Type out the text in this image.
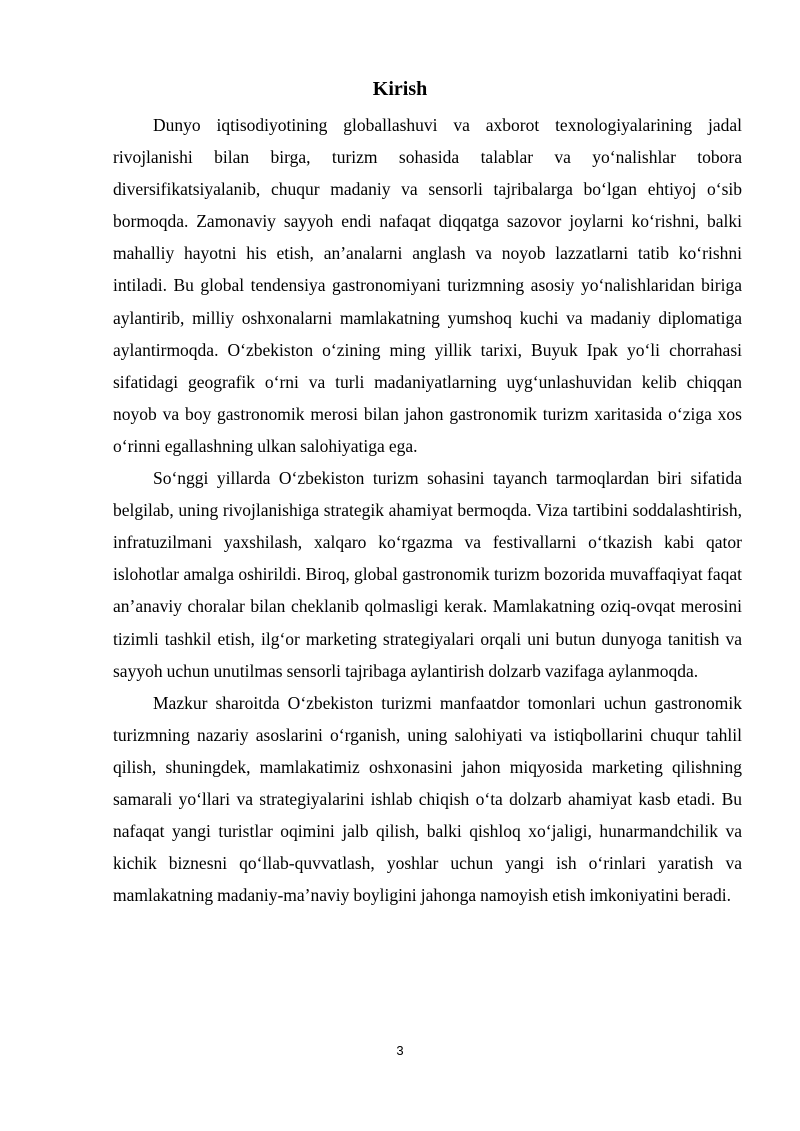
Kirish

Dunyo iqtisodiyotining globallashuvi va axborot texnologiyalarining jadal rivojlanishi bilan birga, turizm sohasida talablar va yoʻnalishlar tobora diversifikatsiyalanib, chuqur madaniy va sensorli tajribalarga boʻlgan ehtiyoj oʻsib bormoqda. Zamonaviy sayyoh endi nafaqat diqqatga sazovor joylarni koʻrishni, balki mahalliy hayotni his etish, an’analarni anglash va noyob lazzatlarni tatib koʻrishni intiladi. Bu global tendensiya gastronomiyani turizmning asosiy yoʻnalishlaridan biriga aylantirib, milliy oshxonalarni mamlakatning yumshoq kuchi va madaniy diplomatiga aylantirmoqda. Oʻzbekiston oʻzining ming yillik tarixi, Buyuk Ipak yoʻli chorrahasi sifatidagi geografik oʻrni va turli madaniyatlarning uygʻunlashuvidan kelib chiqqan noyob va boy gastronomik merosi bilan jahon gastronomik turizm xaritasida oʻziga xos oʻrinni egallashning ulkan salohiyatiga ega.

Soʻnggi yillarda Oʻzbekiston turizm sohasini tayanch tarmoqlardan biri sifatida belgilab, uning rivojlanishiga strategik ahamiyat bermoqda. Viza tartibini soddalashtirish, infratuzilmani yaxshilash, xalqaro koʻrgazma va festivallarni oʻtkazish kabi qator islohotlar amalga oshirildi. Biroq, global gastronomik turizm bozorida muvaffaqiyat faqat an’anaviy choralar bilan cheklanib qolmasligi kerak. Mamlakatning oziq-ovqat merosini tizimli tashkil etish, ilgʻor marketing strategiyalari orqali uni butun dunyoga tanitish va sayyoh uchun unutilmas sensorli tajribaga aylantirish dolzarb vazifaga aylanmoqda.

Mazkur sharoitda Oʻzbekiston turizmi manfaatdor tomonlari uchun gastronomik turizmning nazariy asoslarini oʻrganish, uning salohiyati va istiqbollarini chuqur tahlil qilish, shuningdek, mamlakatimiz oshxonasini jahon miqyosida marketing qilishning samarali yoʻllari va strategiyalarini ishlab chiqish oʻta dolzarb ahamiyat kasb etadi. Bu nafaqat yangi turistlar oqimini jalb qilish, balki qishloq xoʻjaligi, hunarmandchilik va kichik biznesni qoʻllab-quvvatlash, yoshlar uchun yangi ish oʻrinlari yaratish va mamlakatning madaniy-ma’naviy boyligini jahonga namoyish etish imkoniyatini beradi.

3
